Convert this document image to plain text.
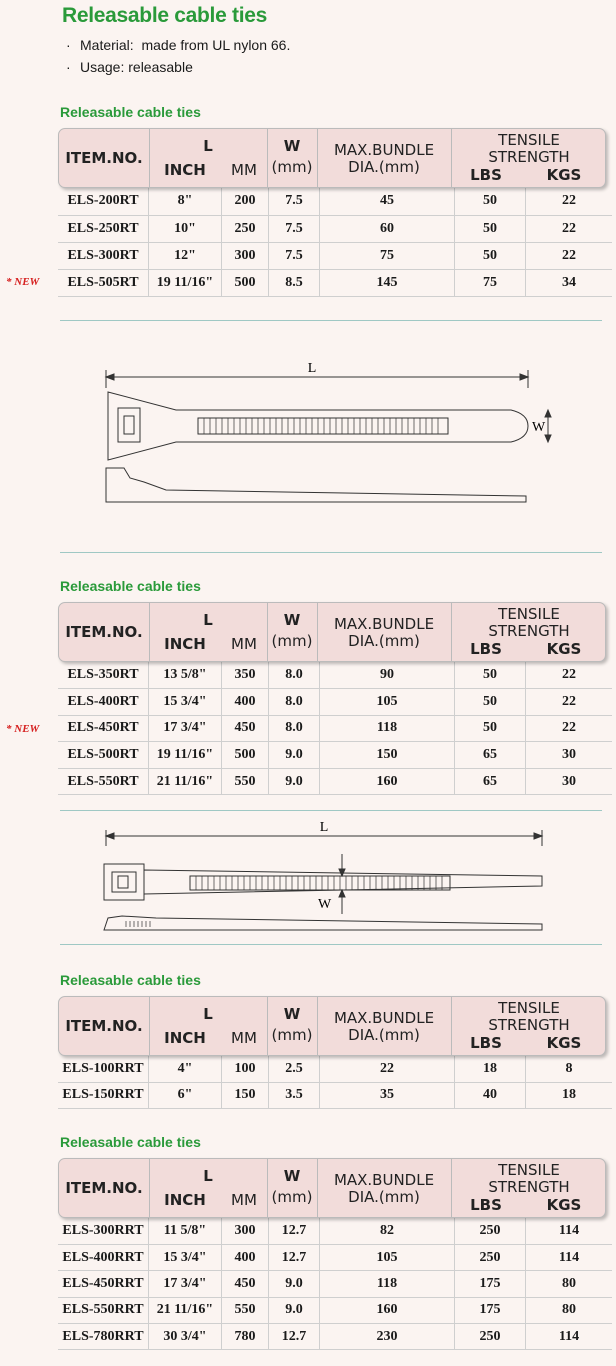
Releasable cable ties
· Material: made from UL nylon 66.
· Usage: releasable
Releasable cable ties
ITEM.NO.
L
INCH	MM
W
(mm)
MAX.BUNDLE
DIA.(mm)
TENSILE
STRENGTH
LBS	KGS
ELS-200RT	8"	200	7.5	45	50	22
ELS-250RT	10"	250	7.5	60	50	22
ELS-300RT	12"	300	7.5	75	50	22
ELS-505RT	19 11/16"	500	8.5	145	75	34
* NEW
L
W
Releasable cable ties
ITEM.NO.
L
INCH	MM
W
(mm)
MAX.BUNDLE
DIA.(mm)
TENSILE
STRENGTH
LBS	KGS
ELS-350RT	13 5/8"	350	8.0	90	50	22
ELS-400RT	15 3/4"	400	8.0	105	50	22
ELS-450RT	17 3/4"	450	8.0	118	50	22
ELS-500RT	19 11/16"	500	9.0	150	65	30
ELS-550RT	21 11/16"	550	9.0	160	65	30
* NEW
L
W
Releasable cable ties
ITEM.NO.
L
INCH	MM
W
(mm)
MAX.BUNDLE
DIA.(mm)
TENSILE
STRENGTH
LBS	KGS
ELS-100RRT	4"	100	2.5	22	18	8
ELS-150RRT	6"	150	3.5	35	40	18
Releasable cable ties
ITEM.NO.
L
INCH	MM
W
(mm)
MAX.BUNDLE
DIA.(mm)
TENSILE
STRENGTH
LBS	KGS
ELS-300RRT	11 5/8"	300	12.7	82	250	114
ELS-400RRT	15 3/4"	400	12.7	105	250	114
ELS-450RRT	17 3/4"	450	9.0	118	175	80
ELS-550RRT	21 11/16"	550	9.0	160	175	80
ELS-780RRT	30 3/4"	780	12.7	230	250	114
